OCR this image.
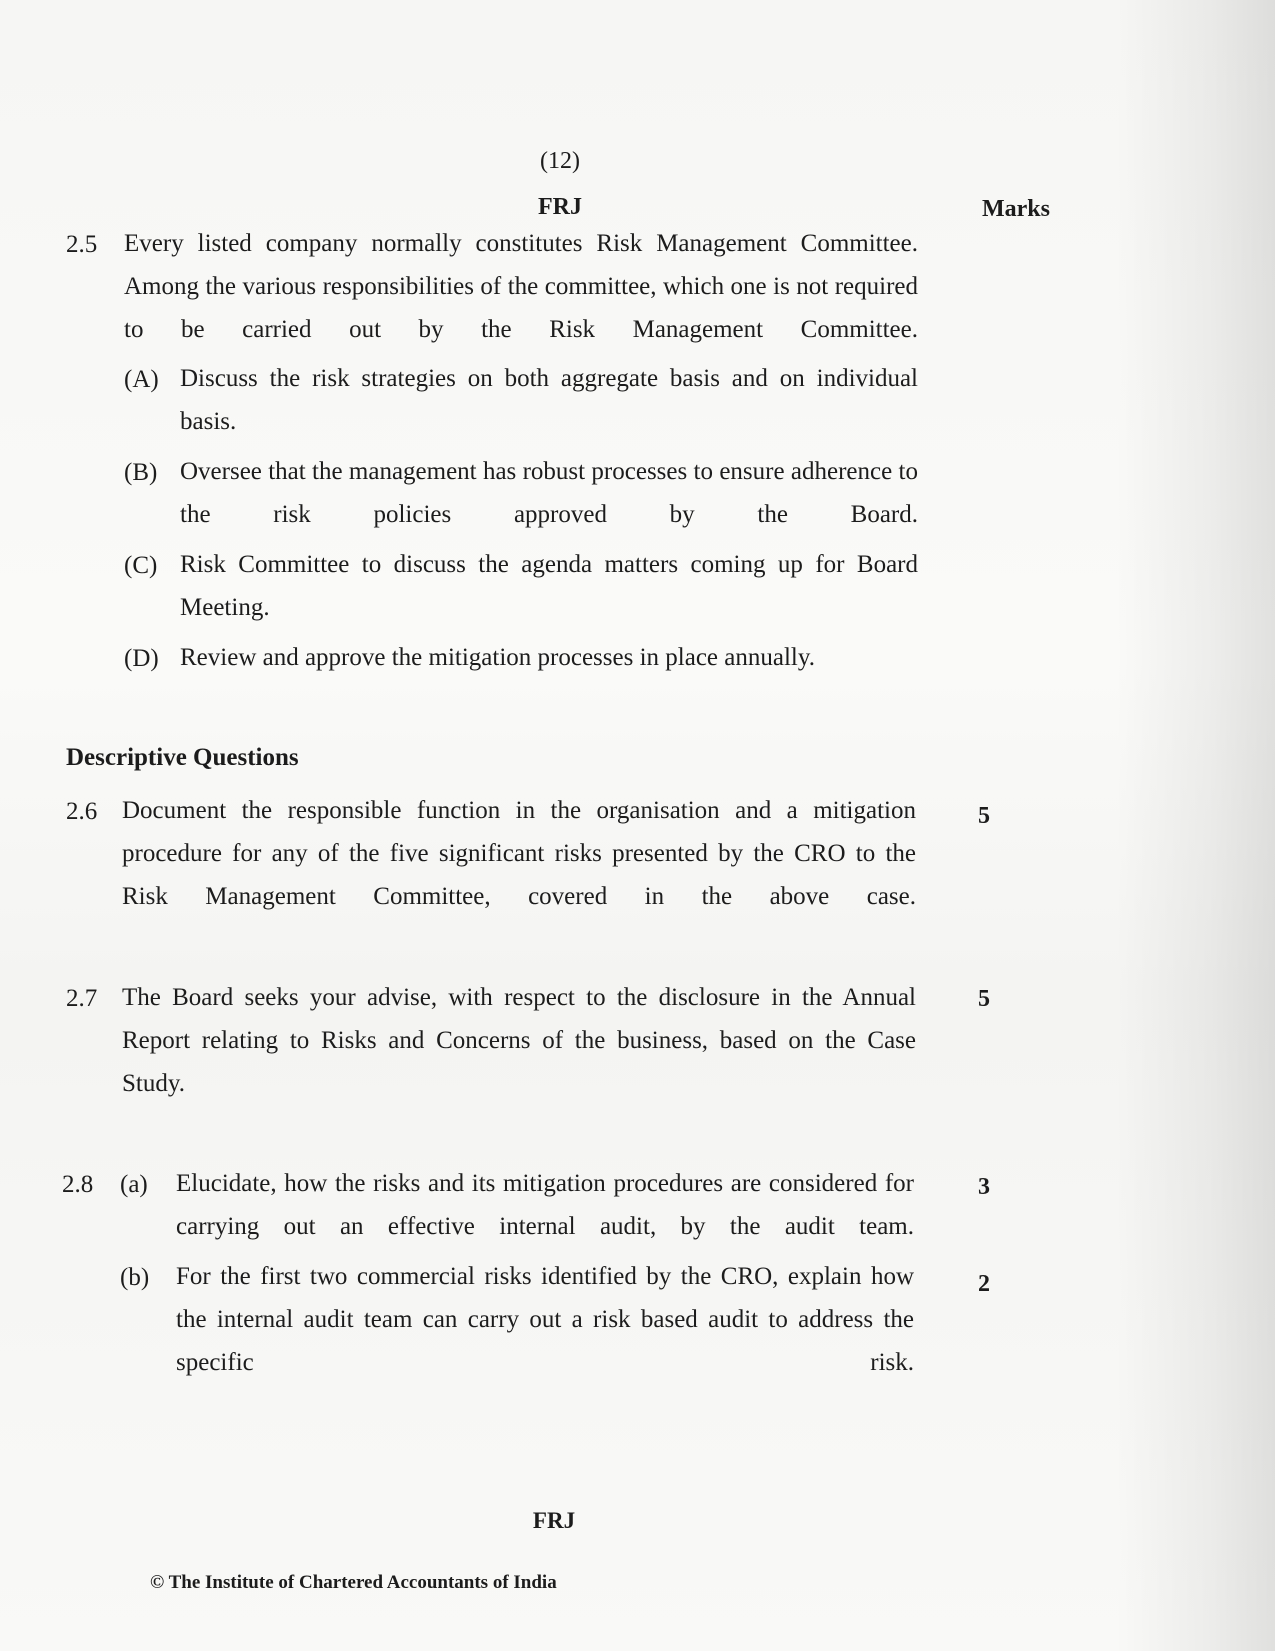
(12)
FRJ	Marks
2.5 Every listed company normally constitutes Risk Management Committee. Among the various responsibilities of the committee, which one is not required to be carried out by the Risk Management Committee.
(A) Discuss the risk strategies on both aggregate basis and on individual basis.
(B) Oversee that the management has robust processes to ensure adherence to the risk policies approved by the Board.
(C) Risk Committee to discuss the agenda matters coming up for Board Meeting.
(D) Review and approve the mitigation processes in place annually.
Descriptive Questions
2.6 Document the responsible function in the organisation and a mitigation procedure for any of the five significant risks presented by the CRO to the Risk Management Committee, covered in the above case.
5
2.7 The Board seeks your advise, with respect to the disclosure in the Annual Report relating to Risks and Concerns of the business, based on the Case Study.
5
2.8 (a) Elucidate, how the risks and its mitigation procedures are considered for carrying out an effective internal audit, by the audit team.
3
(b) For the first two commercial risks identified by the CRO, explain how the internal audit team can carry out a risk based audit to address the specific risk.
2
FRJ
© The Institute of Chartered Accountants of India
